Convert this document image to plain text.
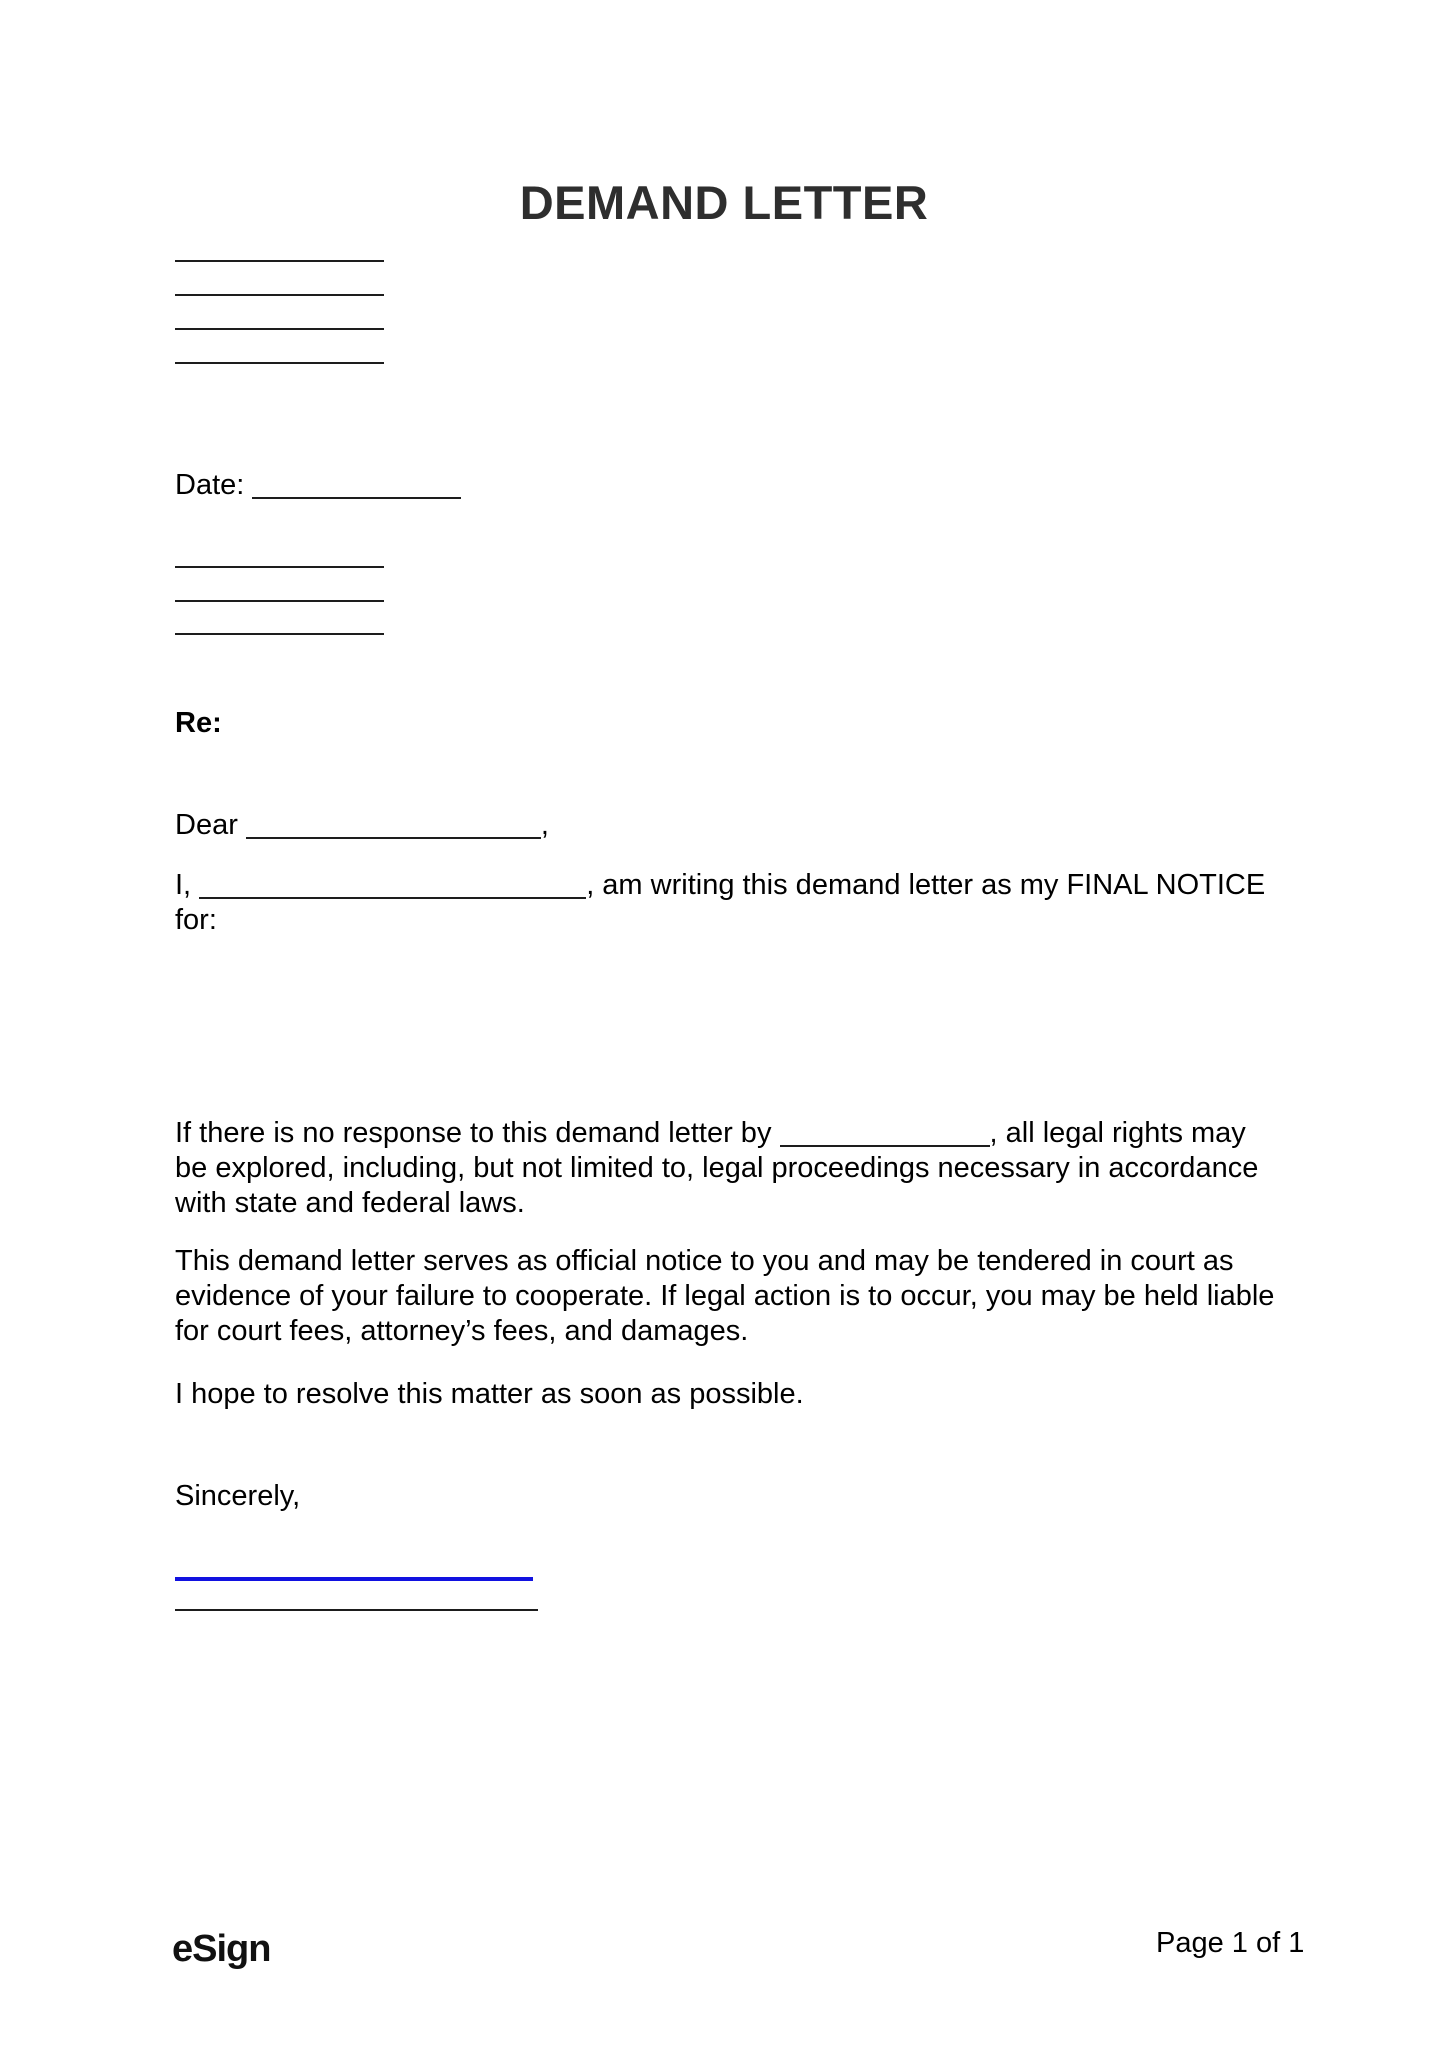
DEMAND LETTER
Date:
Re:
Dear	,
I,	, am writing this demand letter as my FINAL NOTICE for:
If there is no response to this demand letter by	, all legal rights may be explored, including, but not limited to, legal proceedings necessary in accordance with state and federal laws.
This demand letter serves as official notice to you and may be tendered in court as evidence of your failure to cooperate. If legal action is to occur, you may be held liable for court fees, attorney’s fees, and damages.
I hope to resolve this matter as soon as possible.
Sincerely,
eSign	Page 1 of 1
